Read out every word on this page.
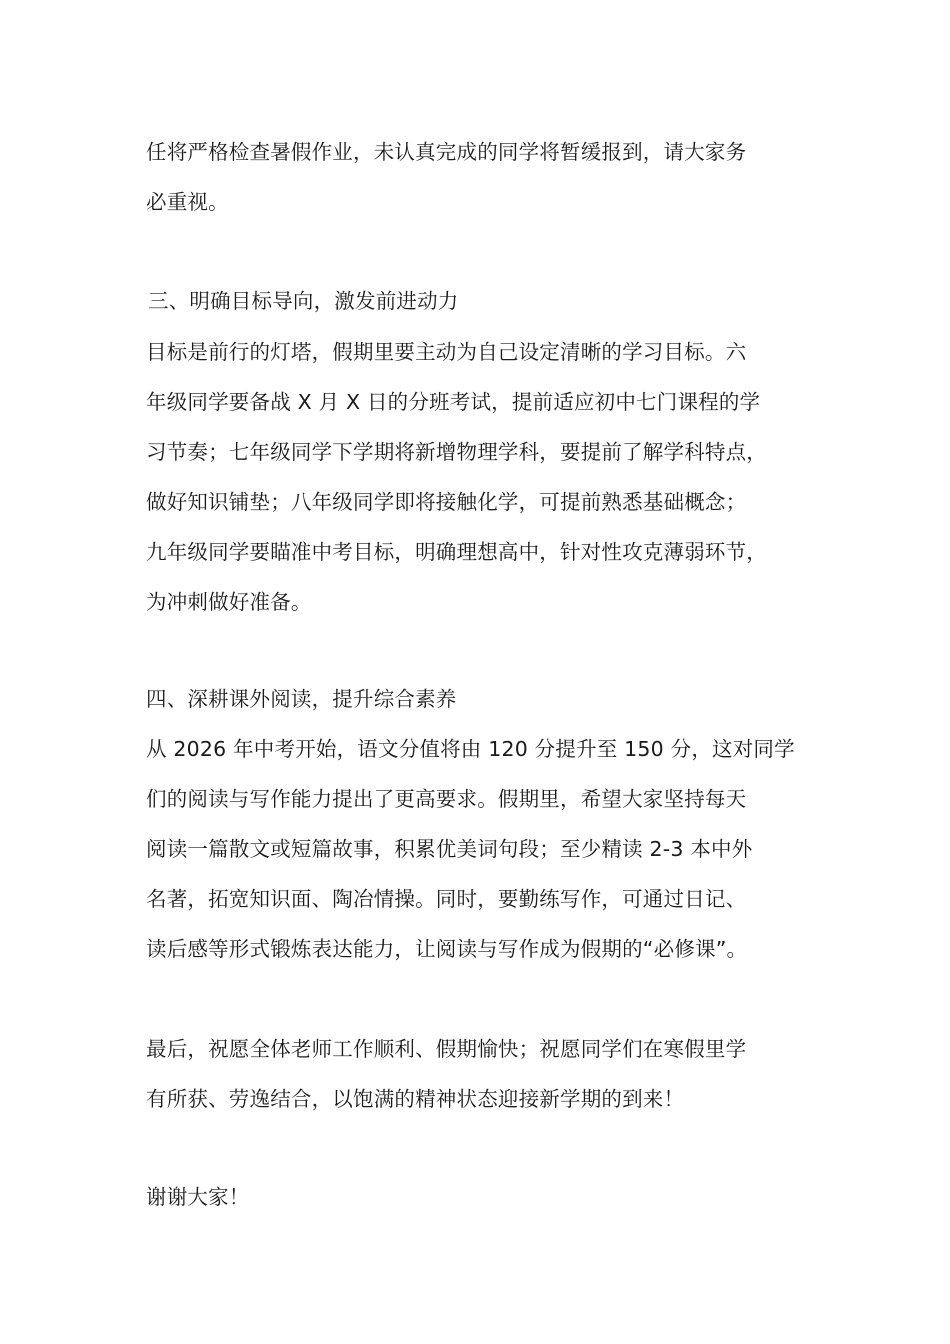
任将严格检查暑假作业，未认真完成的同学将暂缓报到，请大家务
必重视。
三、明确目标导向，激发前进动力
目标是前行的灯塔，假期里要主动为自己设定清晰的学习目标。六
年级同学要备战 X 月 X 日的分班考试，提前适应初中七门课程的学
习节奏；七年级同学下学期将新增物理学科，要提前了解学科特点，
做好知识铺垫；八年级同学即将接触化学，可提前熟悉基础概念；
九年级同学要瞄准中考目标，明确理想高中，针对性攻克薄弱环节，
为冲刺做好准备。
四、深耕课外阅读，提升综合素养
从 2026 年中考开始，语文分值将由 120 分提升至 150 分，这对同学
们的阅读与写作能力提出了更高要求。假期里，希望大家坚持每天
阅读一篇散文或短篇故事，积累优美词句段；至少精读 2-3 本中外
名著，拓宽知识面、陶冶情操。同时，要勤练写作，可通过日记、
读后感等形式锻炼表达能力，让阅读与写作成为假期的“必修课”。
最后，祝愿全体老师工作顺利、假期愉快；祝愿同学们在寒假里学
有所获、劳逸结合，以饱满的精神状态迎接新学期的到来！
谢谢大家！
